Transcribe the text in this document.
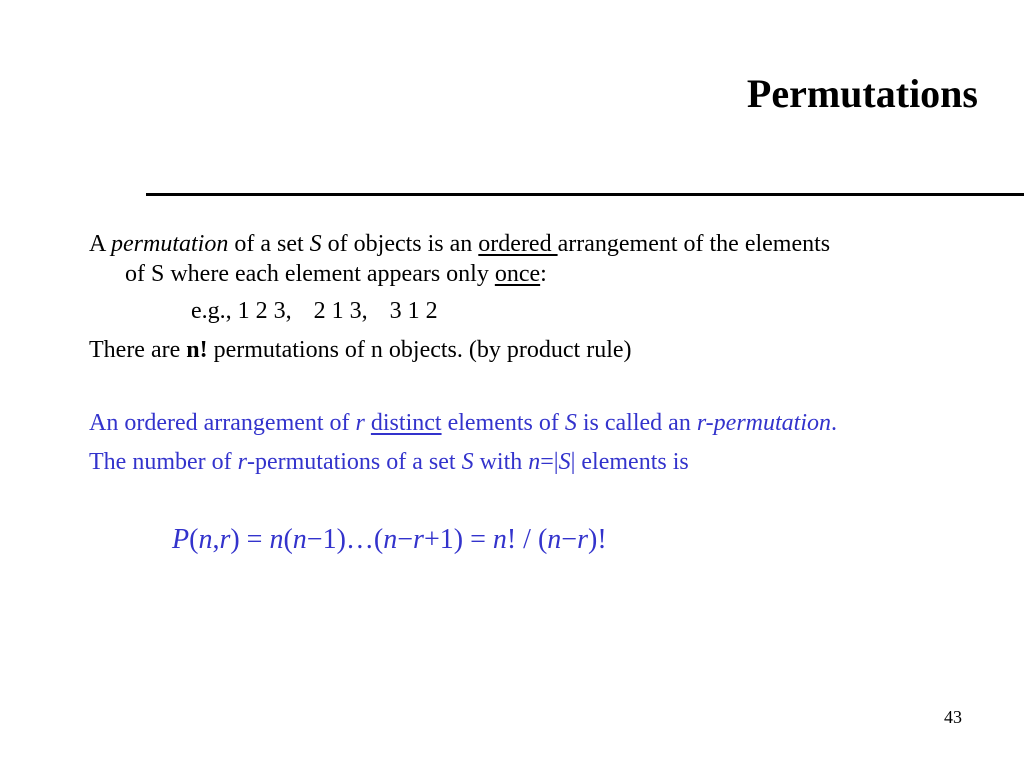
Permutations
A permutation of a set S of objects is an ordered arrangement of the elements
of S where each element appears only once:
e.g., 1 2 3, 2 1 3, 3 1 2
There are n! permutations of n objects. (by product rule)
An ordered arrangement of r distinct elements of S is called an r-permutation.
The number of r-permutations of a set S with n=|S| elements is
P(n,r) = n(n−1)…(n−r+1) = n! / (n−r)!
43
